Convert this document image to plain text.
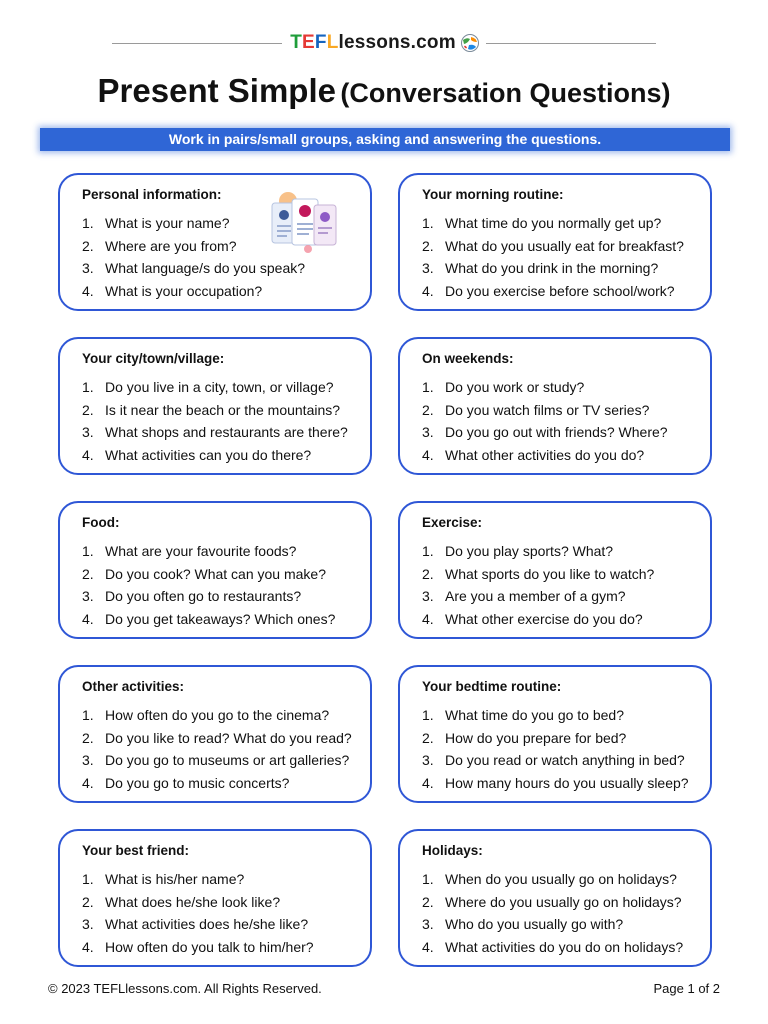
T E F L lessons.com
Present Simple (Conversation Questions)
Work in pairs/small groups, asking and answering the questions.
Personal information:
1. What is your name?
2. Where are you from?
3. What language/s do you speak?
4. What is your occupation?
Your morning routine:
1. What time do you normally get up?
2. What do you usually eat for breakfast?
3. What do you drink in the morning?
4. Do you exercise before school/work?
Your city/town/village:
1. Do you live in a city, town, or village?
2. Is it near the beach or the mountains?
3. What shops and restaurants are there?
4. What activities can you do there?
On weekends:
1. Do you work or study?
2. Do you watch films or TV series?
3. Do you go out with friends? Where?
4. What other activities do you do?
Food:
1. What are your favourite foods?
2. Do you cook? What can you make?
3. Do you often go to restaurants?
4. Do you get takeaways? Which ones?
Exercise:
1. Do you play sports? What?
2. What sports do you like to watch?
3. Are you a member of a gym?
4. What other exercise do you do?
Other activities:
1. How often do you go to the cinema?
2. Do you like to read? What do you read?
3. Do you go to museums or art galleries?
4. Do you go to music concerts?
Your bedtime routine:
1. What time do you go to bed?
2. How do you prepare for bed?
3. Do you read or watch anything in bed?
4. How many hours do you usually sleep?
Your best friend:
1. What is his/her name?
2. What does he/she look like?
3. What activities does he/she like?
4. How often do you talk to him/her?
Holidays:
1. When do you usually go on holidays?
2. Where do you usually go on holidays?
3. Who do you usually go with?
4. What activities do you do on holidays?
© 2023 TEFLlessons.com. All Rights Reserved.	Page 1 of 2
